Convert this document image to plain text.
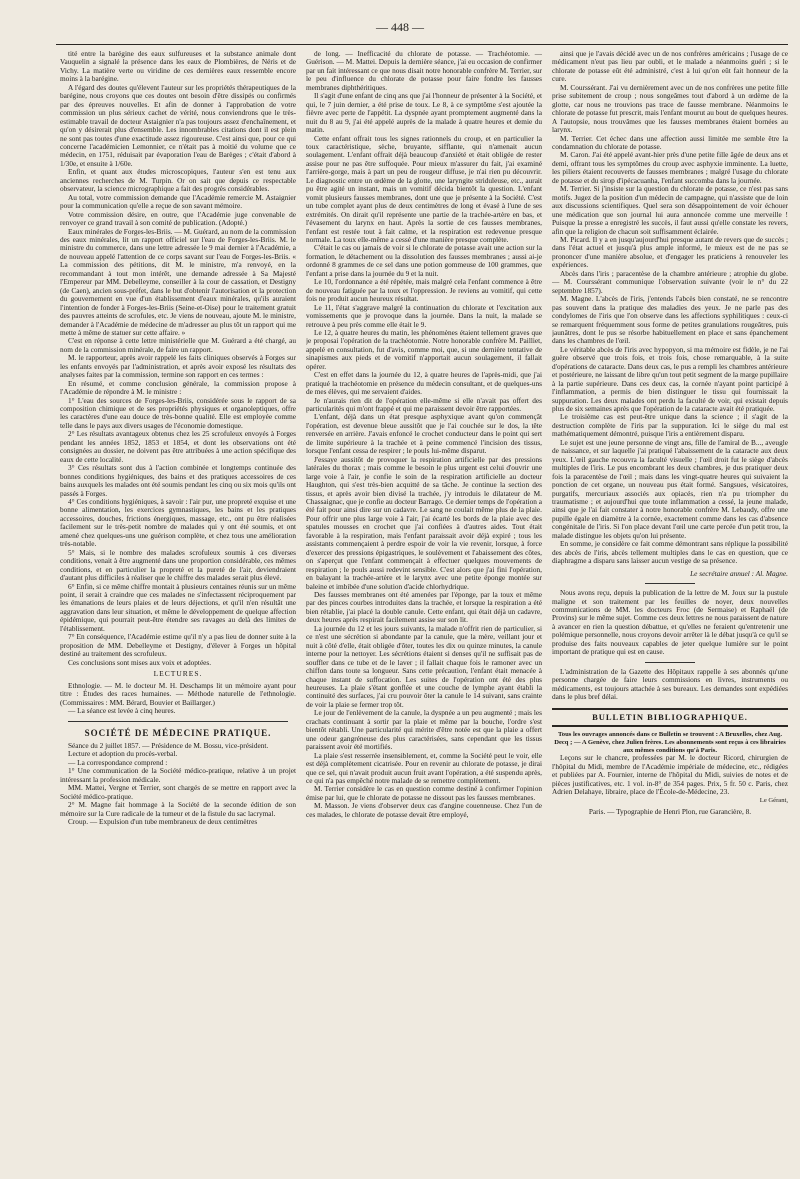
— 448 —

tité entre la barégine des eaux sulfureuses et la substance animale dont Vauquelin a signalé la présence dans les eaux de Plombières, de Néris et de Vichy. La matière verte ou viridine de ces dernières eaux ressemble encore moins à la barégine.

A l'égard des doutes qu'élevent l'auteur sur les propriétés thérapeutiques de la barégine, nous croyons que ces doutes ont besoin d'être dissipés ou confirmés par des épreuves nouvelles. Et afin de donner à l'approbation de votre commission un plus sérieux cachet de vérité, nous conviendrons que le très-estimable travail de docteur Astaignier n'a pas toujours assez d'enchaînement, et qu'on y désirerait plus d'ensemble. Les innombrables citations dont il est plein ne sont pas toutes d'une exactitude assez rigoureuse. C'est ainsi que, pour ce qui concerne l'académicien Lemonnier, ce n'était pas à moitié du volume que ce médecin, en 1751, réduisait par évaporation l'eau de Barèges ; c'était d'abord à 1/30e, et ensuite à 1/60e.

Enfin, et quant aux études microscopiques, l'auteur s'en est tenu aux anciennes recherches de M. Turpin. Or on sait que depuis ce respectable observateur, la science micrographique a fait des progrès considérables.

Au total, votre commission demande que l'Académie remercie M. Astaignier pour la communication qu'elle a reçue de son savant mémoire.

Votre commission désire, en outre, que l'Académie juge convenable de renvoyer ce grand travail à son comité de publication. (Adopté.)

Eaux minérales de Forges-les-Briis. — M. Guérard, au nom de la commission des eaux minérales, lit un rapport officiel sur l'eau de Forges-les-Briis. M. le ministre du commerce, dans une lettre adressée le 9 mai dernier à l'Académie, a de nouveau appelé l'attention de ce corps savant sur l'eau de Forges-les-Briis. « La commission des pétitions, dit M. le ministre, m'a renvoyé, en la recommandant à tout mon intérêt, une demande adressée à Sa Majesté l'Empereur par MM. Debelleyme, conseiller à la cour de cassation, et Destigny (de Caen), ancien sous-préfet, dans le but d'obtenir l'autorisation et la protection du gouvernement en vue d'un établissement d'eaux minérales, qu'ils auraient l'intention de fonder à Forges-les-Briis (Seine-et-Oise) pour le traitement gratuit des pauvres atteints de scrofules, etc. Je viens de nouveau, ajoute M. le ministre, demander à l'Académie de médecine de m'adresser au plus tôt un rapport qui me mette à même de statuer sur cette affaire. »

C'est en réponse à cette lettre ministérielle que M. Guérard a été chargé, au nom de la commission minérale, de faire un rapport.

M. le rapporteur, après avoir rappelé les faits cliniques observés à Forges sur les enfants envoyés par l'administration, et après avoir exposé les résultats des analyses faites par la commission, termine son rapport en ces termes :

En résumé, et comme conclusion générale, la commission propose à l'Académie de répondre à M. le ministre :

1° L'eau des sources de Forges-les-Briis, considérée sous le rapport de sa composition chimique et de ses propriétés physiques et organoleptiques, offre les caractères d'une eau douce de très-bonne qualité. Elle est employée comme telle dans le pays aux divers usages de l'économie domestique.

2° Les résultats avantageux obtenus chez les 25 scrofuleux envoyés à Forges pendant les années 1852, 1853 et 1854, et dont les observations ont été consignées au dossier, ne doivent pas être attribuées à une action spécifique des eaux de cette localité.

3° Ces résultats sont dus à l'action combinée et longtemps continuée des bonnes conditions hygiéniques, des bains et des pratiques accessoires de ces bains auxquels les malades ont été soumis pendant les cinq ou six mois qu'ils ont passés à Forges.

4° Ces conditions hygiéniques, à savoir : l'air pur, une propreté exquise et une bonne alimentation, les exercices gymnastiques, les bains et les pratiques accessoires, douches, frictions énergiques, massage, etc., ont pu être réalisées facilement sur le très-petit nombre de malades qui y ont été soumis, et ont amené chez quelques-uns une guérison complète, et chez tous une amélioration très-notable.

5° Mais, si le nombre des malades scrofuleux soumis à ces diverses conditions, venait à être augmenté dans une proportion considérable, ces mêmes conditions, et en particulier la propreté et la pureté de l'air, deviendraient d'autant plus difficiles à réaliser que le chiffre des malades serait plus élevé.

6° Enfin, si ce même chiffre montait à plusieurs centaines réunis sur un même point, il serait à craindre que ces malades ne s'infectassent réciproquement par les émanations de leurs plaies et de leurs déjections, et qu'il n'en résultât une aggravation dans leur situation, et même le développement de quelque affection épidémique, qui pourrait peut-être étendre ses ravages au delà des limites de l'établissement.

7° En conséquence, l'Académie estime qu'il n'y a pas lieu de donner suite à la proposition de MM. Debelleyme et Destigny, d'élever à Forges un hôpital destiné au traitement des scrofuleux.

Ces conclusions sont mises aux voix et adoptées.

LECTURES.

Ethnologie. — M. le docteur M. H. Deschamps lit un mémoire ayant pour titre : Études des races humaines. — Méthode naturelle de l'ethnologie. (Commissaires : MM. Bérard, Bouvier et Baillarger.)

— La séance est levée à cinq heures.

SOCIÉTÉ DE MÉDECINE PRATIQUE.

Séance du 2 juillet 1857. — Présidence de M. Bossu, vice-président.

Lecture et adoption du procès-verbal.

— La correspondance comprend :

1° Une communication de la Société médico-pratique, relative à un projet intéressant la profession médicale.

MM. Mattei, Vergne et Terrier, sont chargés de se mettre en rapport avec la Société médico-pratique.

2° M. Magne fait hommage à la Société de la seconde édition de son mémoire sur la Cure radicale de la tumeur et de la fistule du sac lacrymal.

Croup. — Expulsion d'un tube membraneux de deux centimètres

de long. — Inefficacité du chlorate de potasse. — Trachéotomie. — Guérison. — M. Mattei. Depuis la dernière séance, j'ai eu occasion de confirmer par un fait intéressant ce que nous disait notre honorable confrère M. Terrier, sur le peu d'influence du chlorate de potasse pour faire fondre les fausses membranes diphthéritiques.

Il s'agit d'une enfant de cinq ans que j'ai l'honneur de présenter à la Société, et qui, le 7 juin dernier, a été prise de toux. Le 8, à ce symptôme s'est ajoutée la fièvre avec perte de l'appétit. La dyspnée ayant promptement augmenté dans la nuit du 8 au 9, j'ai été appelé auprès de la malade à quatre heures et demie du matin.

Cette enfant offrait tous les signes rationnels du croup, et en particulier la toux caractéristique, sèche, bruyante, sifflante, qui n'amenait aucun soulagement. L'enfant offrait déjà beaucoup d'anxiété et était obligée de rester assise pour ne pas être suffoquée. Pour mieux m'assurer du fait, j'ai examiné l'arrière-gorge, mais à part un peu de rougeur diffuse, je n'ai rien pu découvrir. Le diagnostic entre un œdème de la glotte, une laryngite striduleuse, etc., aurait pu être agité un instant, mais un vomitif décida bientôt la question. L'enfant vomit plusieurs fausses membranes, dont une que je présente à la Société. C'est un tube complet ayant plus de deux centimètres de long et évasé à l'une de ses extrémités. On dirait qu'il représente une partie de la trachée-artère en bas, et l'évasement du larynx en haut. Après la sortie de ces fausses membranes, l'enfant est restée tout à fait calme, et la respiration est redevenue presque normale. La toux elle-même a cessé d'une manière presque complète.

C'était le cas ou jamais de voir si le chlorate de potasse avait une action sur la formation, le détachement ou la dissolution des fausses membranes ; aussi ai-je ordonné 8 grammes de ce sel dans une potion gommeuse de 100 grammes, que l'enfant a prise dans la journée du 9 et la nuit.

Le 10, l'ordonnance a été répétée, mais malgré cela l'enfant commence à être de nouveau fatiguée par la toux et l'oppression. Je reviens au vomitif, qui cette fois ne produit aucun heureux résultat.

Le 11, l'état s'aggrave malgré la continuation du chlorate et l'excitation aux vomissements que je provoque dans la journée. Dans la nuit, la malade se retrouve à peu près comme elle était le 9.

Le 12, à quatre heures du matin, les phénomènes étaient tellement graves que je proposai l'opération de la trachéotomie. Notre honorable confrère M. Pailliet, appelé en consultation, fut d'avis, comme moi, que, si une dernière tentative de sinapismes aux pieds et de vomitif n'apportait aucun soulagement, il fallait opérer.

C'est en effet dans la journée du 12, à quatre heures de l'après-midi, que j'ai pratiqué la trachéotomie en présence du médecin consultant, et de quelques-uns de mes élèves, qui me servaient d'aides.

Je n'aurais rien dit de l'opération elle-même si elle n'avait pas offert des particularités qui m'ont frappé et qui me paraissent devoir être rapportées.

L'enfant, déjà dans un état presque asphyxique avant qu'on commençât l'opération, est devenue bleue aussitôt que je l'ai couchée sur le dos, la tête renversée en arrière. J'avais enfoncé le crochet conducteur dans le point qui sert de limite supérieure à la trachée et à peine commencé l'incision des tissus, lorsque l'enfant cessa de respirer ; le pouls lui-même disparut.

J'essaye aussitôt de provoquer la respiration artificielle par des pressions latérales du thorax ; mais comme le besoin le plus urgent est celui d'ouvrir une large voie à l'air, je confie le soin de la respiration artificielle au docteur Haughton, qui s'est très-bien acquitté de sa tâche. Je continue la section des tissus, et après avoir bien divisé la trachée, j'y introduis le dilatateur de M. Chassaignac, que je confie au docteur Barrago. Ce dernier temps de l'opération a été fait pour ainsi dire sur un cadavre. Le sang ne coulait même plus de la plaie. Pour offrir une plus large voie à l'air, j'ai écarté les bords de la plaie avec des spatules mousses en crochet que j'ai confiées à d'autres aides. Tout était favorable à la respiration, mais l'enfant paraissait avoir déjà expiré ; tous les assistants commençaient à perdre espoir de voir la vie revenir, lorsque, à force d'exercer des pressions épigastriques, le soulèvement et l'abaissement des côtes, on s'aperçut que l'enfant commençait à effectuer quelques mouvements de respiration ; le pouls aussi redevint sensible. C'est alors que j'ai fini l'opération, en balayant la trachée-artère et le larynx avec une petite éponge montée sur baleine et imbibée d'une solution d'acide chlorhydrique.

Des fausses membranes ont été amenées par l'éponge, par la toux et même par des pinces courbes introduites dans la trachée, et lorsque la respiration a été bien rétablie, j'ai placé la double canule. Cette enfant, qui était déjà un cadavre, deux heures après respirait facilement assise sur son lit.

La journée du 12 et les jours suivants, la malade n'offrit rien de particulier, si ce n'est une sécrétion si abondante par la canule, que la mère, veillant jour et nuit à côté d'elle, était obligée d'ôter, toutes les dix ou quinze minutes, la canule interne pour la nettoyer. Les sécrétions étaient si denses qu'il ne suffisait pas de souffler dans ce tube et de le laver ; il fallait chaque fois le ramoner avec un chiffon dans toute sa longueur. Sans cette précaution, l'enfant était menacée à chaque instant de suffocation. Les suites de l'opération ont été des plus heureuses. La plaie s'étant gonflée et une couche de lymphe ayant établi la continuité des surfaces, j'ai cru pouvoir ôter la canule le 14 suivant, sans crainte de voir la plaie se fermer trop tôt.

Le jour de l'enlèvement de la canule, la dyspnée a un peu augmenté ; mais les crachats continuant à sortir par la plaie et même par la bouche, l'ordre s'est bientôt rétabli. Une particularité qui mérite d'être notée est que la plaie a offert une odeur gangréneuse des plus caractérisées, sans cependant que les tissus paraissent avoir été mortifiés.

La plaie s'est resserrée insensiblement, et, comme la Société peut le voir, elle est déjà complètement cicatrisée. Pour en revenir au chlorate de potasse, je dirai que ce sel, qui n'avait produit aucun fruit avant l'opération, a été suspendu après, ce qui n'a pas empêché notre malade de se remettre complètement.

M. Terrier considère le cas en question comme destiné à confirmer l'opinion émise par lui, que le chlorate de potasse ne dissout pas les fausses membranes.

M. Masson. Je viens d'observer deux cas d'angine couenneuse. Chez l'un de ces malades, le chlorate de potasse devait être employé,

ainsi que je l'avais décidé avec un de nos confrères américains ; l'usage de ce médicament n'eut pas lieu par oubli, et le malade a néanmoins guéri ; si le chlorate de potasse eût été administré, c'est à lui qu'on eût fait honneur de la cure.

M. Courssérant. J'ai vu dernièrement avec un de nos confrères une petite fille prise subitement de croup ; nous songeâmes tout d'abord à un œdème de la glotte, car nous ne trouvions pas trace de fausse membrane. Néanmoins le chlorate de potasse fut prescrit, mais l'enfant mourut au bout de quelques heures. A l'autopsie, nous trouvâmes que les fausses membranes étaient bornées au larynx.

M. Terrier. Cet échec dans une affection aussi limitée me semble être la condamnation du chlorate de potasse.

M. Caron. J'ai été appelé avant-hier près d'une petite fille âgée de deux ans et demi, offrant tous les symptômes du croup avec asphyxie imminente. La luette, les piliers étaient recouverts de fausses membranes ; malgré l'usage du chlorate de potasse et du sirop d'ipécacuanha, l'enfant succomba dans la journée.

M. Terrier. Si j'insiste sur la question du chlorate de potasse, ce n'est pas sans motifs. Jugez de la position d'un médecin de campagne, qui n'assiste que de loin aux discussions scientifiques. Quel sera son désappointement de voir échouer une médication que son journal lui aura annoncée comme une merveille ! Puisque la presse a enregistré les succès, il faut aussi qu'elle constate les revers, afin que la religion de chacun soit suffisamment éclairée.

M. Picard. Il y a en jusqu'aujourd'hui presque autant de revers que de succès ; dans l'état actuel et jusqu'à plus ample informé, le mieux est de ne pas se prononcer d'une manière absolue, et d'engager les praticiens à renouveler les expériences.

Abcès dans l'iris ; paracentèse de la chambre antérieure ; atrophie du globe. — M. Courssérant communique l'observation suivante (voir le n° du 22 septembre 1857).

M. Magne. L'abcès de l'iris, j'entends l'abcès bien constaté, ne se rencontre pas souvent dans la pratique des maladies des yeux. Je ne parle pas des condylomes de l'iris que l'on observe dans les affections syphilitiques : ceux-ci se remarquent fréquemment sous forme de petites granulations rougeâtres, puis jaunâtres, dont le pus se résorbe habituellement en place et sans épanchement dans les chambres de l'œil.

Le véritable abcès de l'iris avec hypopyon, si ma mémoire est fidèle, je ne l'ai guère observé que trois fois, et trois fois, chose remarquable, à la suite d'opérations de cataracte. Dans deux cas, le pus a rempli les chambres antérieure et postérieure, ne laissant de libre qu'un tout petit segment de la marge pupillaire à la partie supérieure. Dans ces deux cas, la cornée n'ayant point participé à l'inflammation, a permis de bien distinguer le tissu qui fournissait la suppuration. Les deux malades ont perdu la faculté de voir, qui existait depuis plus de six semaines après que l'opération de la cataracte avait été pratiquée.

Le troisième cas est peut-être unique dans la science ; il s'agit de la destruction complète de l'iris par la suppuration. Ici le siège du mal est mathématiquement démontré, puisque l'iris a entièrement disparu.

Le sujet est une jeune personne de vingt ans, fille de l'amiral de B..., aveugle de naissance, et sur laquelle j'ai pratiqué l'abaissement de la cataracte aux deux yeux. L'œil gauche recouvra la faculté visuelle ; l'œil droit fut le siège d'abcès multiples de l'iris. Le pus encombrant les deux chambres, je dus pratiquer deux fois la paracentèse de l'œil ; mais dans les vingt-quatre heures qui suivaient la ponction de cet organe, un nouveau pus était formé. Sangsues, vésicatoires, purgatifs, mercuriaux associés aux opiacés, rien n'a pu triompher du traumatisme ; et aujourd'hui que toute inflammation a cessé, la jeune malade, ainsi que je l'ai fait constater à notre honorable confrère M. Lebaudy, offre une pupille égale en diamètre à la cornée, exactement comme dans les cas d'absence congénitale de l'iris. Si l'on place devant l'œil une carte percée d'un petit trou, la malade distingue les objets qu'on lui présente.

En somme, je considère ce fait comme démontrant sans réplique la possibilité des abcès de l'iris, abcès tellement multiples dans le cas en question, que ce diaphragme a disparu sans laisser aucun vestige de sa présence.

Le secrétaire annuel : Al. Magne.

Nous avons reçu, depuis la publication de la lettre de M. Joux sur la pustule maligne et son traitement par les feuilles de noyer, deux nouvelles communications de MM. les docteurs Froc (de Sermaise) et Raphaël (de Provins) sur le même sujet. Comme ces deux lettres ne nous paraissent de nature à avancer en rien la question débattue, et qu'elles ne feraient qu'entretenir une polémique personnelle, nous croyons devoir arrêter là le débat jusqu'à ce qu'il se produise des faits nouveaux capables de jeter quelque lumière sur le point important de pratique qui est en cause.

L'administration de la Gazette des Hôpitaux rappelle à ses abonnés qu'une personne chargée de faire leurs commissions en livres, instruments ou médicaments, est toujours attachée à ses bureaux. Les demandes sont expédiées dans le plus bref délai.

BULLETIN BIBLIOGRAPHIQUE.
Tous les ouvrages annoncés dans ce Bulletin se trouvent : A Bruxelles, chez Aug. Decq ; — A Genève, chez Julien frères. Les abonnements sont reçus à ces librairies aux mêmes conditions qu'à Paris.

Leçons sur le chancre, professées par M. le docteur Ricord, chirurgien de l'hôpital du Midi, membre de l'Académie impériale de médecine, etc., rédigées et publiées par A. Fournier, interne de l'hôpital du Midi, suivies de notes et de pièces justificatives, etc. 1 vol. in-8° de 354 pages. Prix, 5 fr. 50 c. Paris, chez Adrien Delahaye, libraire, place de l'École-de-Médecine, 23.

Le Gérant,
Paris. — Typographie de Henri Plon, rue Garancière, 8.
